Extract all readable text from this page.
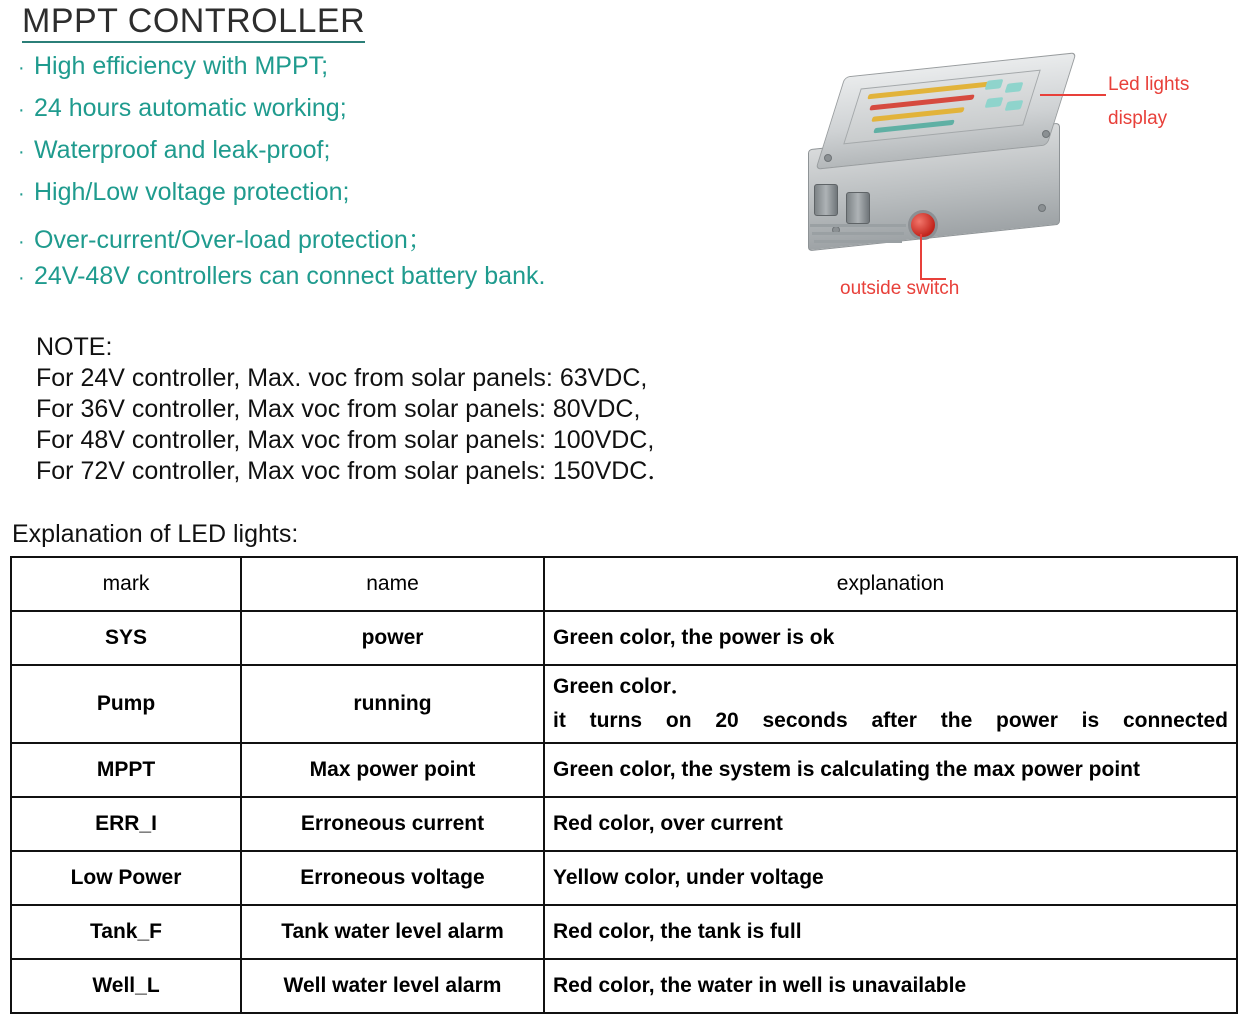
MPPT CONTROLLER
· High efficiency with MPPT;
· 24 hours automatic working;
· Waterproof and leak-proof;
· High/Low voltage protection;
· Over-current/Over-load protection；
· 24V-48V controllers can connect battery bank.
Led lights
display
outside switch
NOTE:
For 24V controller, Max. voc from solar panels: 63VDC,
For 36V controller, Max voc from solar panels: 80VDC,
For 48V controller, Max voc from solar panels: 100VDC,
For 72V controller, Max voc from solar panels: 150VDC．
Explanation of LED lights:
mark	name	explanation
SYS	power	Green color, the power is ok
Pump	running	Green color．
it turns on 20 seconds after the power is connected

MPPT	Max power point	Green color, the system is calculating the max power point
ERR_I	Erroneous current	Red color, over current
Low Power	Erroneous voltage	Yellow color, under voltage
Tank_F	Tank water level alarm	Red color, the tank is full
Well_L	Well water level alarm	Red color, the water in well is unavailable
